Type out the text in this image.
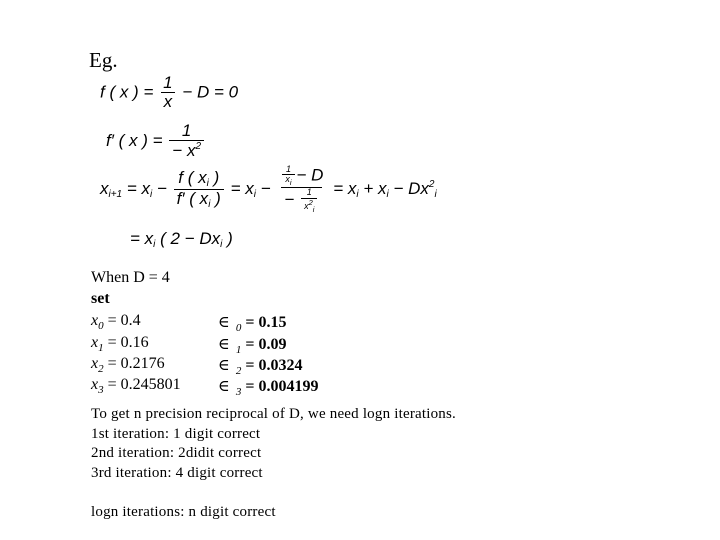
Eg.
f ( x ) = $\frac{1}{x} - D = 0$
f′ ( x ) = $\frac{1}{- x^2}$
$x_{i+1} = x_i - \frac{f ( x_i )}{f' ( x_i )} = x_i - \frac{\frac{1}{x_i} - D}{- \frac{1}{x^2_i}} = x_i + x_i - Dx^2_i$
= $x_i$ ( $2 - Dx_i$ )
When D = 4
set
$x_0 = 0.4$
$x_1 = 0.16$
$x_2 = 0.2176$
$x_3 = 0.245801$
∈ $_0$ = 0.15
∈ $_1$ = 0.09
∈ $_2$ = 0.0324
∈ $_3$ = 0.004199
To get n precision reciprocal of D, we need logn iterations.
1st iteration: 1 digit correct
2nd iteration: 2didit correct
3rd iteration: 4 digit correct
logn iterations: n digit correct
